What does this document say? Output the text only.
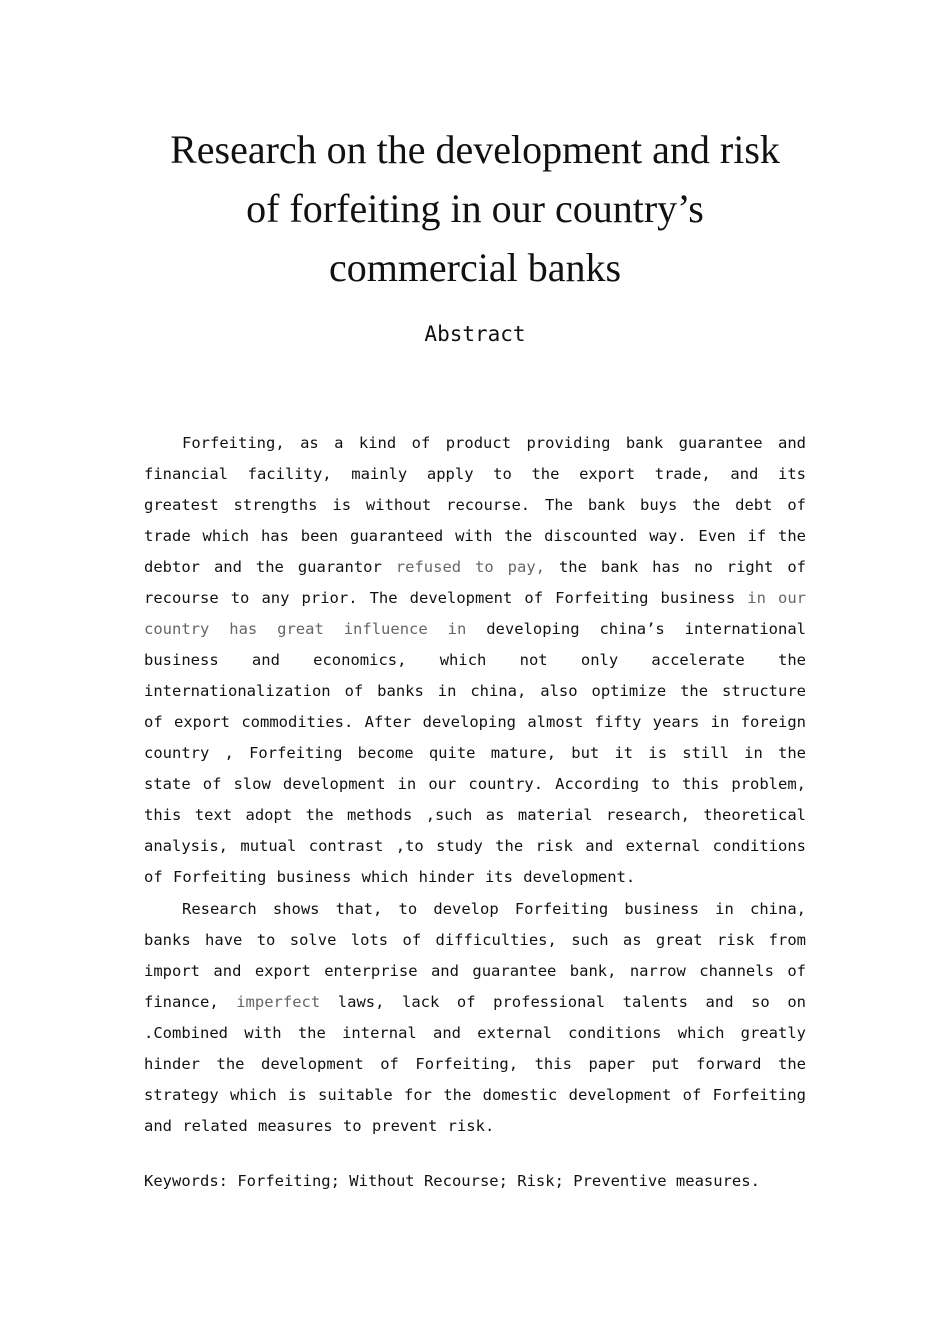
Research on the development and risk
of forfeiting in our country’s
commercial banks
Abstract

Forfeiting, as a kind of product providing bank guarantee and financial facility, mainly apply to the export trade, and its greatest strengths is without recourse. The bank buys the debt of trade which has been guaranteed with the discounted way. Even if the debtor and the guarantor refused to pay, the bank has no right of recourse to any prior. The development of Forfeiting business in our country has great influence in developing china’s international business and economics, which not only accelerate the internationalization of banks in china, also optimize the structure of export commodities. After developing almost fifty years in foreign country , Forfeiting become quite mature, but it is still in the state of slow development in our country. According to this problem, this text adopt the methods ,such as material research, theoretical analysis, mutual contrast ,to study the risk and external conditions of Forfeiting business which hinder its development.

Research shows that, to develop Forfeiting business in china, banks have to solve lots of difficulties, such as great risk from import and export enterprise and guarantee bank, narrow channels of finance, imperfect laws, lack of professional talents and so on .Combined with the internal and external conditions which greatly hinder the development of Forfeiting, this paper put forward the strategy which is suitable for the domestic development of Forfeiting and related measures to prevent risk.

Keywords: Forfeiting; Without Recourse; Risk; Preventive measures.
